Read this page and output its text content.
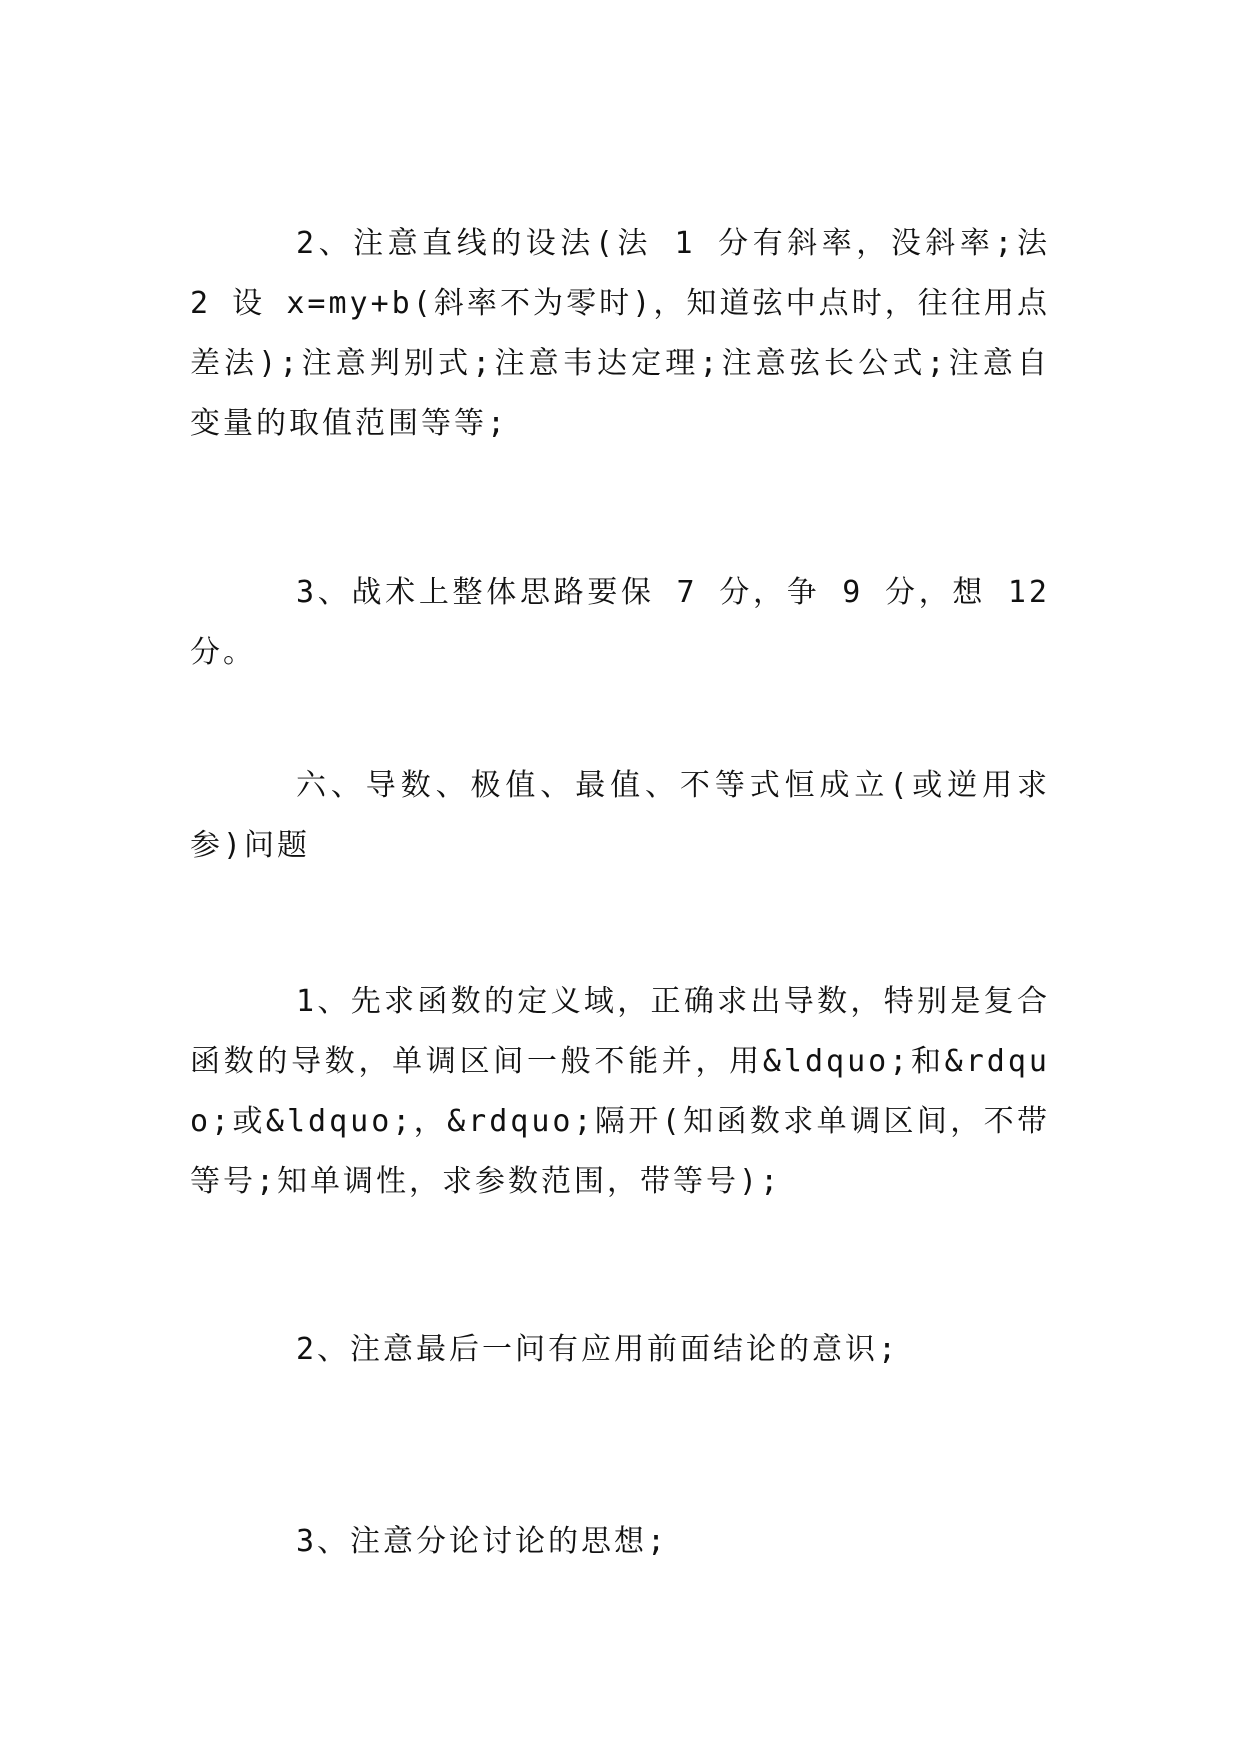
2、注意直线的设法(法 1 分有斜率，没斜率;法 2 设 x=my+b(斜率不为零时)，知道弦中点时，往往用点差法);注意判别式;注意韦达定理;注意弦长公式;注意自变量的取值范围等等;

3、战术上整体思路要保 7 分，争 9 分，想 12 分。

六、导数、极值、最值、不等式恒成立(或逆用求参)问题

1、先求函数的定义域，正确求出导数，特别是复合函数的导数，单调区间一般不能并，用&ldquo;和&rdquo;或&ldquo;，&rdquo;隔开(知函数求单调区间，不带等号;知单调性，求参数范围，带等号);

2、注意最后一问有应用前面结论的意识;

3、注意分论讨论的思想;
